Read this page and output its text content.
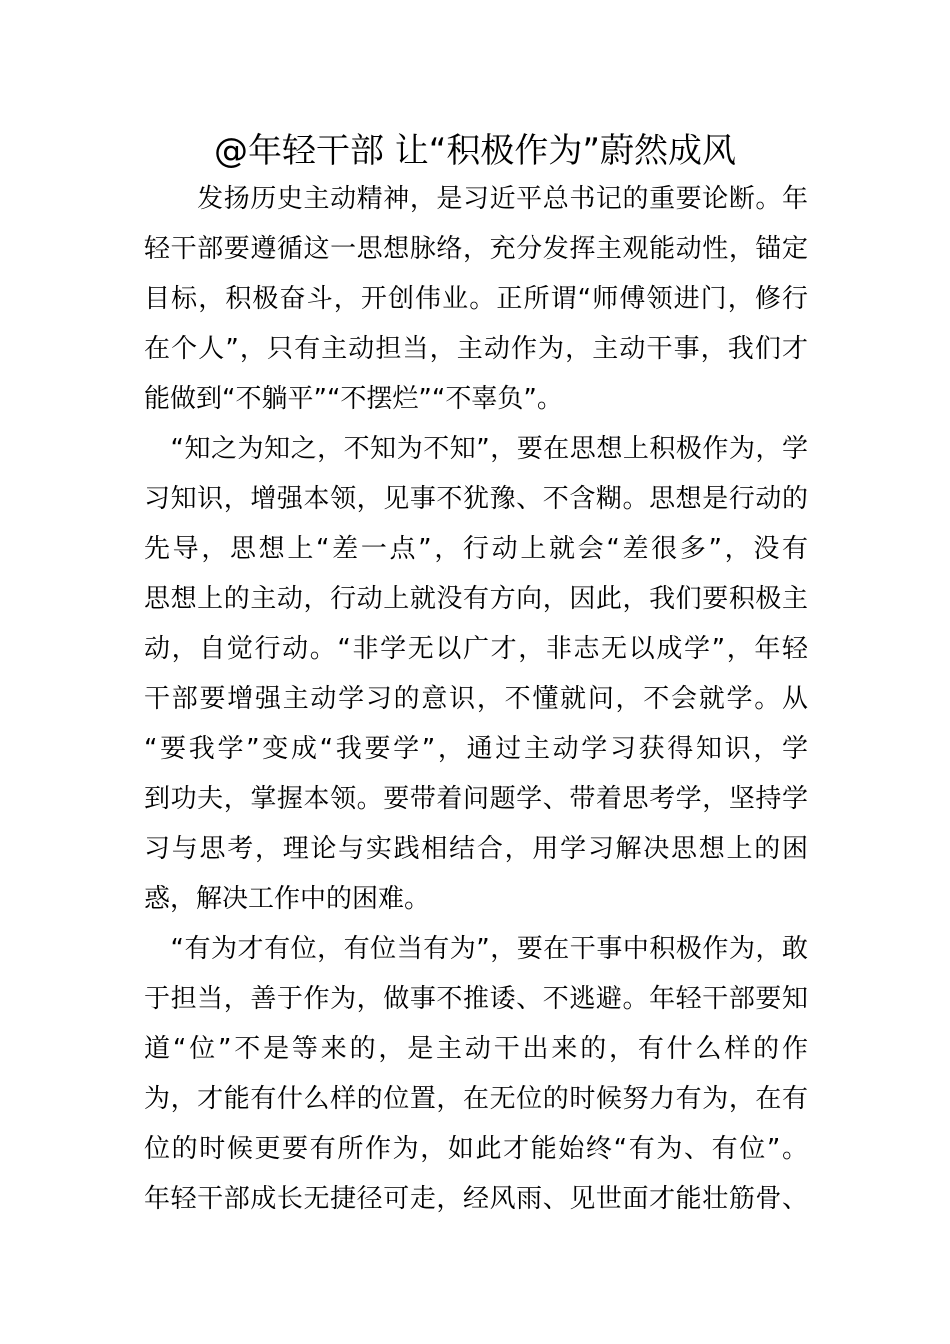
@年轻干部 让“积极作为”蔚然成风
　　发扬历史主动精神，是习近平总书记的重要论断。年
轻干部要遵循这一思想脉络，充分发挥主观能动性，锚定
目标，积极奋斗，开创伟业。正所谓“师傅领进门，修行
在个人”，只有主动担当，主动作为，主动干事，我们才
能做到“不躺平”“不摆烂”“不辜负”。
　“知之为知之，不知为不知”，要在思想上积极作为，学
习知识，增强本领，见事不犹豫、不含糊。思想是行动的
先导，思想上“差一点”，行动上就会“差很多”，没有
思想上的主动，行动上就没有方向，因此，我们要积极主
动，自觉行动。“非学无以广才，非志无以成学”，年轻
干部要增强主动学习的意识，不懂就问，不会就学。从
“要我学”变成“我要学”，通过主动学习获得知识，学
到功夫，掌握本领。要带着问题学、带着思考学，坚持学
习与思考，理论与实践相结合，用学习解决思想上的困
惑，解决工作中的困难。
　“有为才有位，有位当有为”，要在干事中积极作为，敢
于担当，善于作为，做事不推诿、不逃避。年轻干部要知
道“位”不是等来的，是主动干出来的，有什么样的作
为，才能有什么样的位置，在无位的时候努力有为，在有
位的时候更要有所作为，如此才能始终“有为、有位”。
年轻干部成长无捷径可走，经风雨、见世面才能壮筋骨、
